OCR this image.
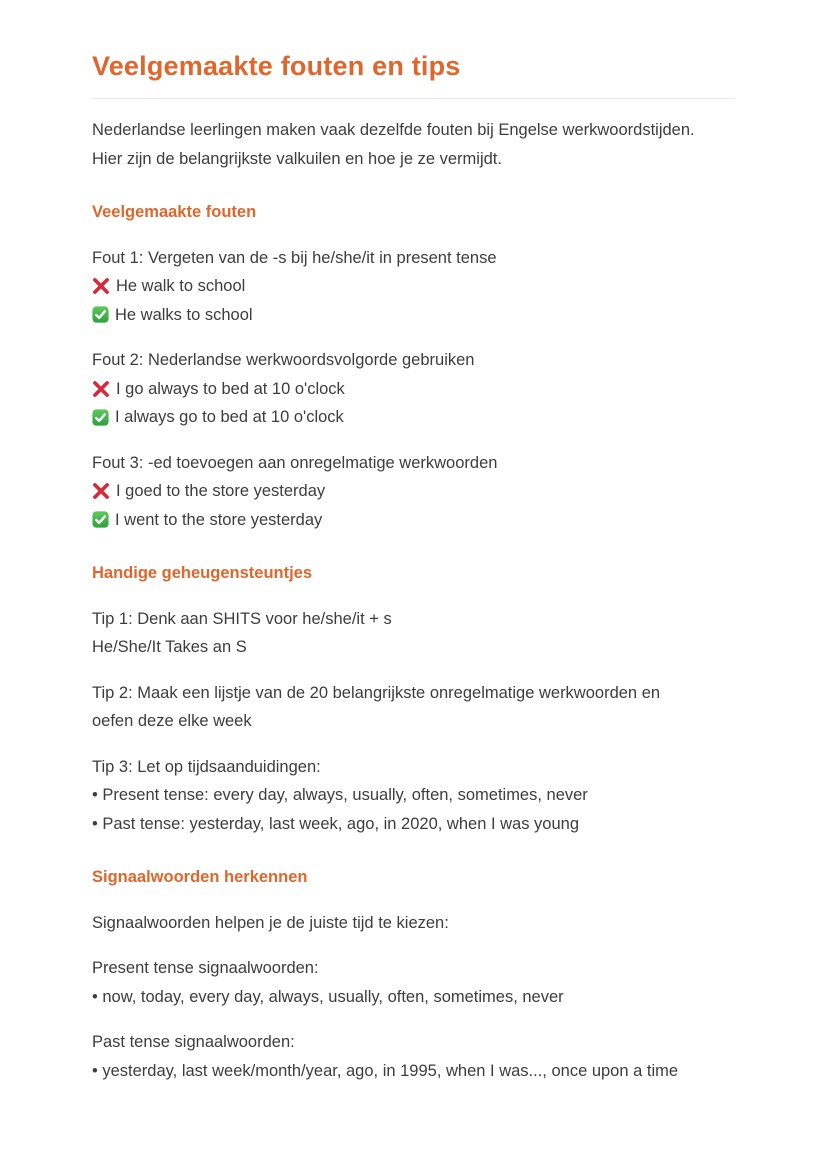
Veelgemaakte fouten en tips
Nederlandse leerlingen maken vaak dezelfde fouten bij Engelse werkwoordstijden.
Hier zijn de belangrijkste valkuilen en hoe je ze vermijdt.
Veelgemaakte fouten
Fout 1: Vergeten van de -s bij he/she/it in present tense
He walk to school
He walks to school
Fout 2: Nederlandse werkwoordsvolgorde gebruiken
I go always to bed at 10 o'clock
I always go to bed at 10 o'clock
Fout 3: -ed toevoegen aan onregelmatige werkwoorden
I goed to the store yesterday
I went to the store yesterday
Handige geheugensteuntjes
Tip 1: Denk aan SHITS voor he/she/it + s
He/She/It Takes an S
Tip 2: Maak een lijstje van de 20 belangrijkste onregelmatige werkwoorden en
oefen deze elke week
Tip 3: Let op tijdsaanduidingen:
• Present tense: every day, always, usually, often, sometimes, never
• Past tense: yesterday, last week, ago, in 2020, when I was young
Signaalwoorden herkennen
Signaalwoorden helpen je de juiste tijd te kiezen:
Present tense signaalwoorden:
• now, today, every day, always, usually, often, sometimes, never
Past tense signaalwoorden:
• yesterday, last week/month/year, ago, in 1995, when I was..., once upon a time
